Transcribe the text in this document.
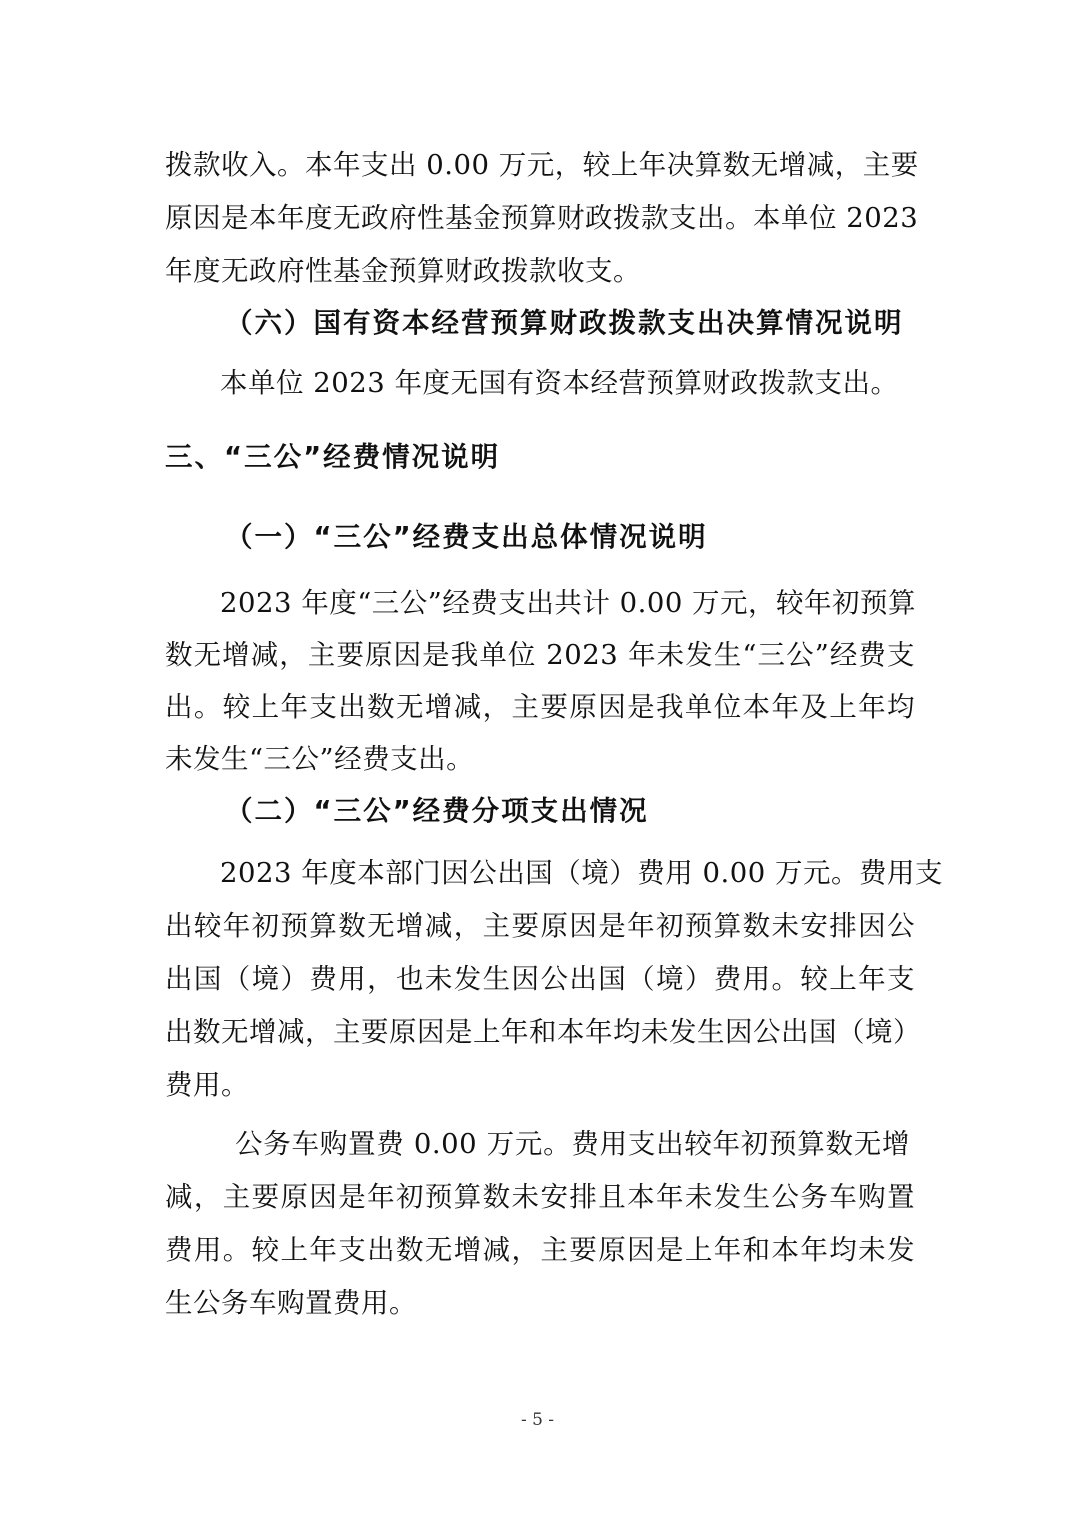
拨款收入。本年支出 0.00 万元，较上年决算数无增减，主要
原因是本年度无政府性基金预算财政拨款支出。本单位 2023
年度无政府性基金预算财政拨款收支。
（六）国有资本经营预算财政拨款支出决算情况说明
本单位 2023 年度无国有资本经营预算财政拨款支出。
三、“三公”经费情况说明
（一）“三公”经费支出总体情况说明
2023 年度“三公”经费支出共计 0.00 万元，较年初预算
数无增减，主要原因是我单位 2023 年未发生“三公”经费支
出。较上年支出数无增减，主要原因是我单位本年及上年均
未发生“三公”经费支出。
（二）“三公”经费分项支出情况
2023 年度本部门因公出国（境）费用 0.00 万元。费用支
出较年初预算数无增减，主要原因是年初预算数未安排因公
出国（境）费用，也未发生因公出国（境）费用。较上年支
出数无增减，主要原因是上年和本年均未发生因公出国（境）
费用。
公务车购置费 0.00 万元。费用支出较年初预算数无增
减，主要原因是年初预算数未安排且本年未发生公务车购置
费用。较上年支出数无增减，主要原因是上年和本年均未发
生公务车购置费用。
- 5 -
